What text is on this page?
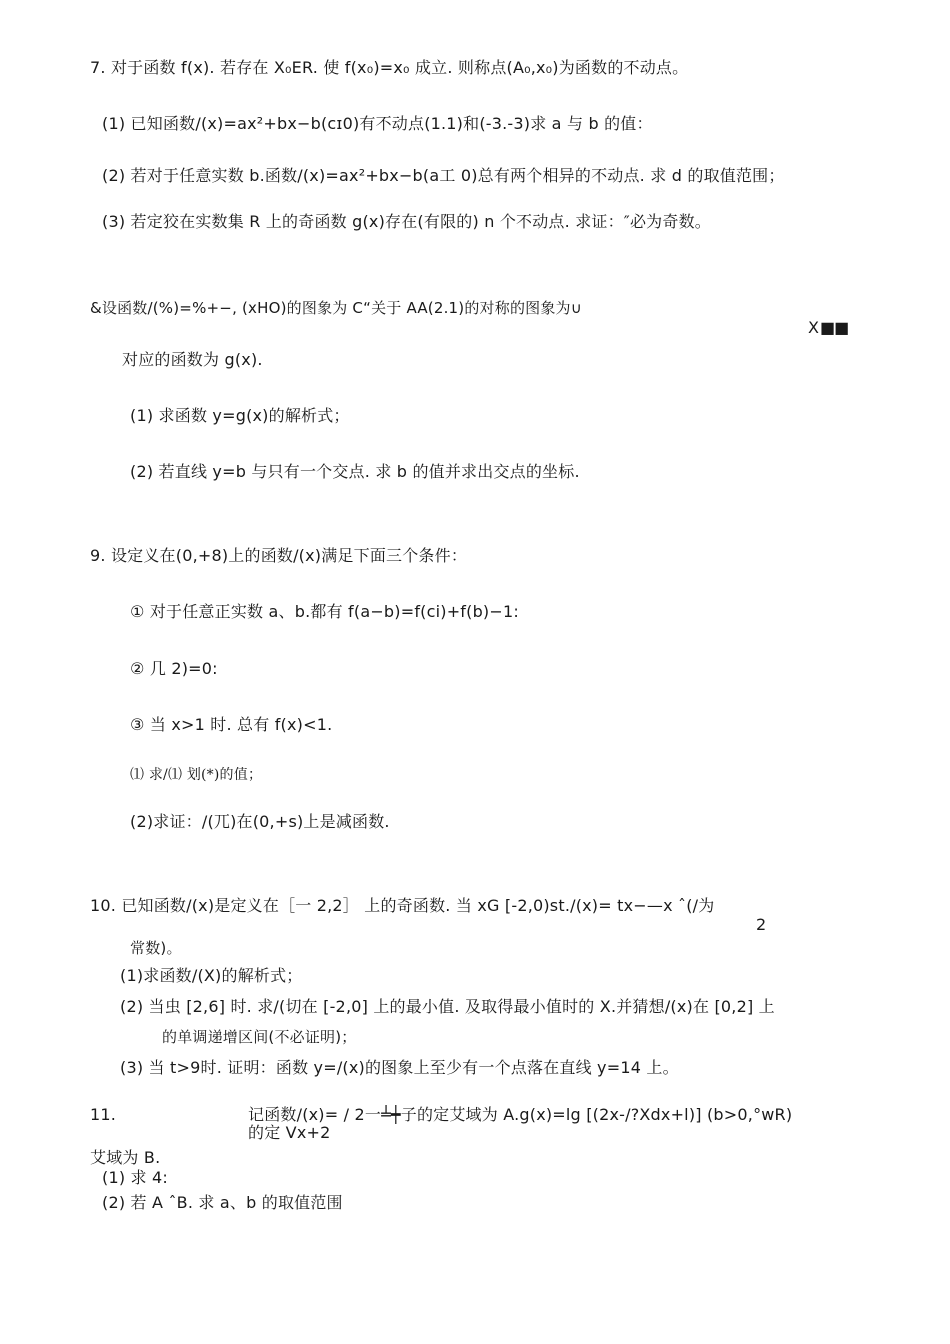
7. 对于函数 f(x). 若存在 X₀ER. 使 f(x₀)=x₀ 成立. 则称点(A₀,x₀)为函数的不动点。
(1) 已知函数/(x)=ax²+bx−b(cɪ0)有不动点(1.1)和(-3.-3)求 a 与 b 的值：
(2) 若对于任意实数 b.函数/(x)=ax²+bx−b(a工 0)总有两个相异的不动点. 求 d 的取值范围；
(3) 若定狡在实数集 R 上的奇函数 g(x)存在(有限的) n 个不动点. 求证：″必为奇数。
&设函数/(%)=%+−, (xHO)的图象为 C“关于 AA(2.1)的对称的图象为∪
X ■■
对应的函数为 g(x).
(1) 求函数 y=g(x)的解析式；
(2) 若直线 y=b 与只有一个交点. 求 b 的值并求出交点的坐标.
9. 设定义在(0,+8)上的函数/(x)满足下面三个条件：
① 对于任意正实数 a、b.都有 f(a−b)=f(ci)+f(b)−1:
② 几 2)=0:
③ 当 x>1 时. 总有 f(x)<1.
⑴ 求/⑴ 划(*)的值；
(2)求证：/(兀)在(0,+s)上是减函数.
10. 已知函数/(x)是定义在［一 2,2］ 上的奇函数. 当 xG [-2,0)st./(x)= tx−—x ˆ(/为
2
常数)。
(1)求函数/(X)的解析式；
(2) 当虫 [2,6] 时. 求/(切在 [-2,0] 上的最小值. 及取得最小值时的 X.并猜想/(x)在 [0,2] 上
的单调递增区间(不必证明)；
(3) 当 t>9时. 证明：函数 y=/(x)的图象上至少有一个点落在直线 y=14 上。
11.	记函数/(x)= / 2一╧┿子的定艾域为 A.g(x)=lg [(2x-/?Xdx+l)] (b>0,°wR)
的定 Vx+2
艾域为 B.
(1) 求 4:
(2) 若 A ˆB. 求 a、b 的取值范围
